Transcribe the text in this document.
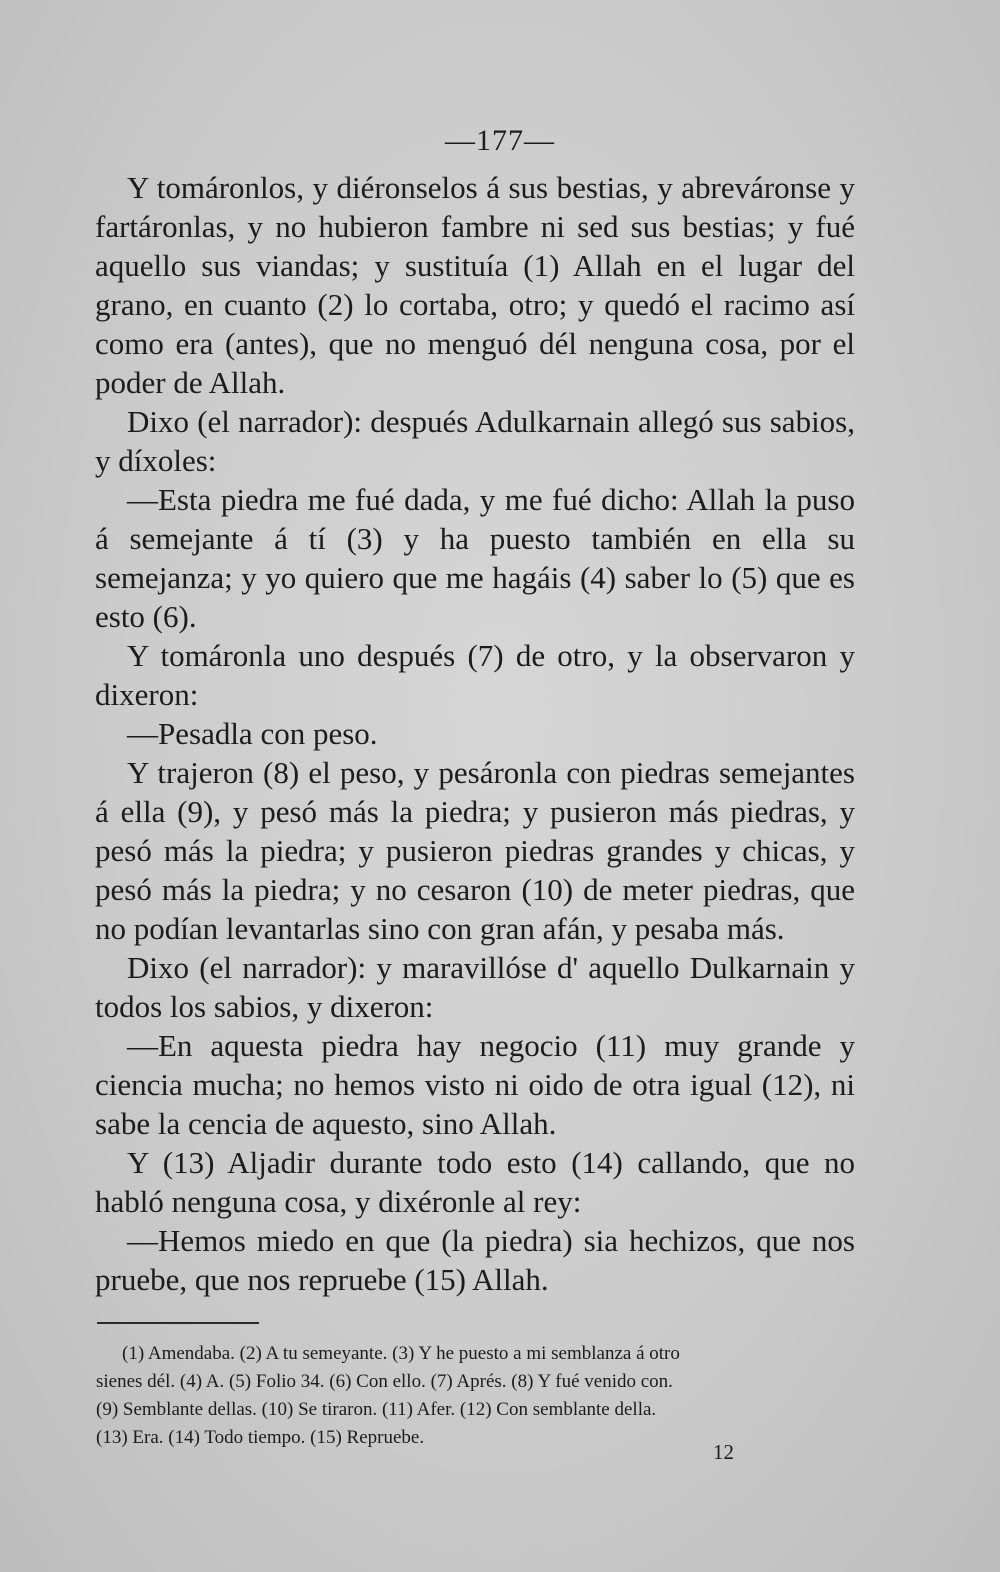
—177—

Y tomáronlos, y diéronselos á sus bestias, y abreváronse y fartáronlas, y no hubieron fambre ni sed sus bestias; y fué aquello sus viandas; y sustituía (1) Allah en el lugar del grano, en cuanto (2) lo cortaba, otro; y quedó el racimo así como era (antes), que no menguó dél nenguna cosa, por el poder de Allah.

Dixo (el narrador): después Adulkarnain allegó sus sabios, y díxoles:

—Esta piedra me fué dada, y me fué dicho: Allah la puso á semejante á tí (3) y ha puesto también en ella su semejanza; y yo quiero que me hagáis (4) saber lo (5) que es esto (6).

Y tomáronla uno después (7) de otro, y la observaron y dixeron:

—Pesadla con peso.

Y trajeron (8) el peso, y pesáronla con piedras semejantes á ella (9), y pesó más la piedra; y pusieron más piedras, y pesó más la piedra; y pusieron piedras grandes y chicas, y pesó más la piedra; y no cesaron (10) de meter piedras, que no podían levantarlas sino con gran afán, y pesaba más.

Dixo (el narrador): y maravillóse d' aquello Dulkarnain y todos los sabios, y dixeron:

—En aquesta piedra hay negocio (11) muy grande y ciencia mucha; no hemos visto ni oido de otra igual (12), ni sabe la cencia de aquesto, sino Allah.

Y (13) Aljadir durante todo esto (14) callando, que no habló nenguna cosa, y dixéronle al rey:

—Hemos miedo en que (la piedra) sia hechizos, que nos pruebe, que nos repruebe (15) Allah.

(1) Amendaba. (2) A tu semeyante. (3) Y he puesto a mi semblanza á otro

sienes dél. (4) A. (5) Folio 34. (6) Con ello. (7) Aprés. (8) Y fué venido con.

(9) Semblante dellas. (10) Se tiraron. (11) Afer. (12) Con semblante della.

(13) Era. (14) Todo tiempo. (15) Repruebe.

12
